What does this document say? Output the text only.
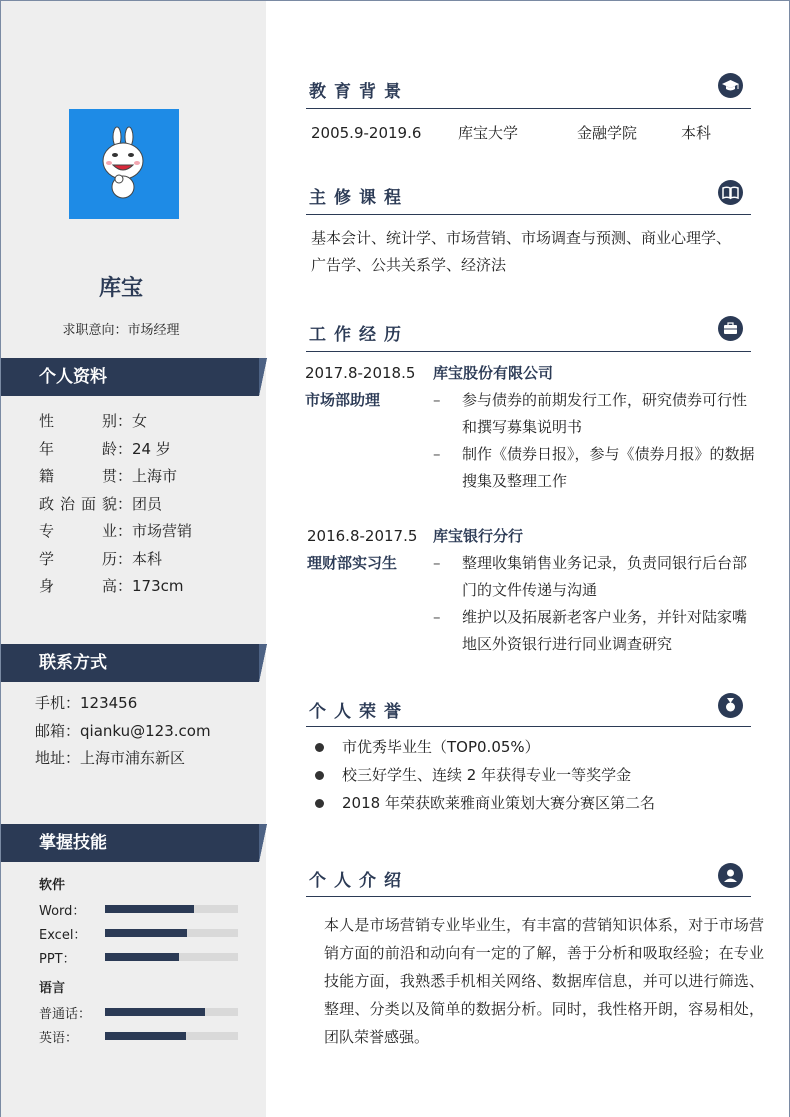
库宝
求职意向：市场经理
个人资料
性别 ： 女
年龄 ： 24 岁
籍贯 ： 上海市
政治面貌 ： 团员
专业 ： 市场营销
学历 ： 本科
身高 ： 173cm
联系方式
手机：123456
邮箱：qianku@123.com
地址：上海市浦东新区
掌握技能
软件
Word：
Excel：
PPT：
语言
普通话：
英语：
教育背景
2005.9-2019.6 库宝大学	金融学院	本科
主修课程
基本会计、统计学、市场营销、市场调查与预测、商业心理学、
广告学、公共关系学、经济法
工作经历
2017.8-2018.5
市场部助理
库宝股份有限公司
– 参与债券的前期发行工作，研究债券可行性和撰写募集说明书
– 制作《债券日报》，参与《债券月报》的数据搜集及整理工作
2016.8-2017.5
理财部实习生
库宝银行分行
– 整理收集销售业务记录，负责同银行后台部门的文件传递与沟通
– 维护以及拓展新老客户业务，并针对陆家嘴地区外资银行进行同业调查研究
个人荣誉
市优秀毕业生（TOP0.05%）
校三好学生、连续 2 年获得专业一等奖学金
2018 年荣获欧莱雅商业策划大赛分赛区第二名
个人介绍
本人是市场营销专业毕业生，有丰富的营销知识体系，对于市场营销方面的前沿和动向有一定的了解，善于分析和吸取经验；在专业技能方面，我熟悉手机相关网络、数据库信息，并可以进行筛选、整理、分类以及简单的数据分析。同时，我性格开朗，容易相处，团队荣誉感强。
